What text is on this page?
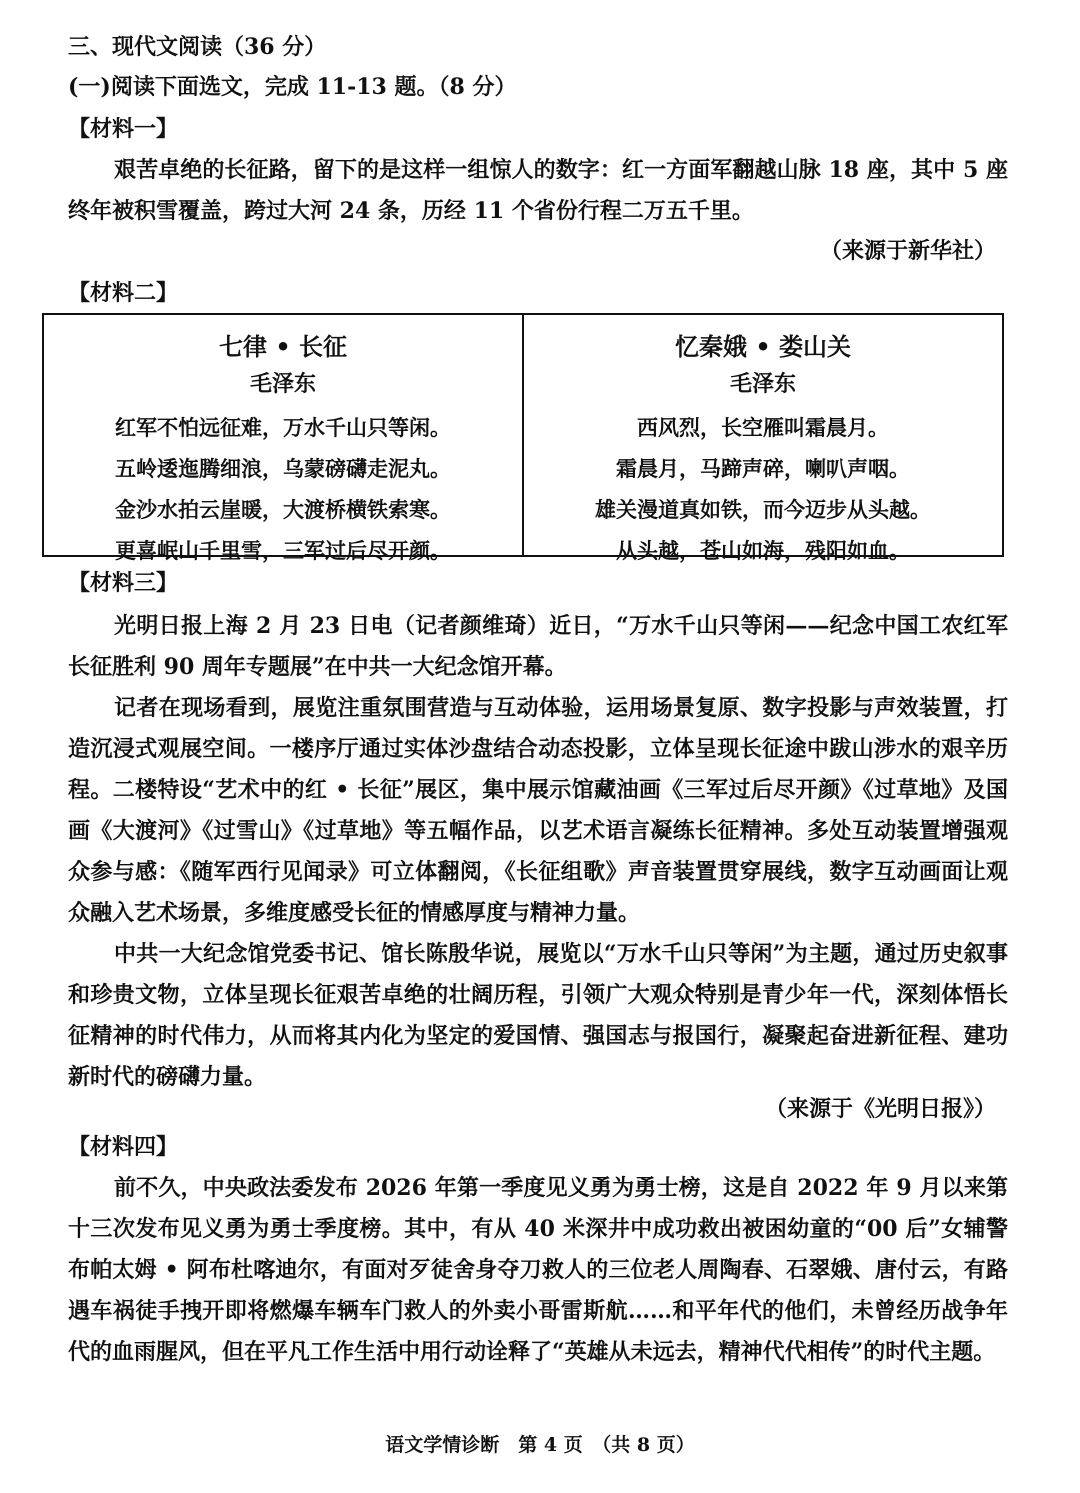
三、现代文阅读（36 分）
(一)阅读下面选文，完成 11-13 题。（8 分）
【材料一】
艰苦卓绝的长征路，留下的是这样一组惊人的数字：红一方面军翻越山脉 18 座，其中 5 座终年被积雪覆盖，跨过大河 24 条，历经 11 个省份行程二万五千里。
（来源于新华社）
【材料二】
七律 • 长征
毛泽东
红军不怕远征难，万水千山只等闲。
五岭逶迤腾细浪，乌蒙磅礴走泥丸。
金沙水拍云崖暖，大渡桥横铁索寒。
更喜岷山千里雪，三军过后尽开颜。
忆秦娥 • 娄山关
毛泽东
西风烈，长空雁叫霜晨月。
霜晨月，马蹄声碎，喇叭声咽。
雄关漫道真如铁，而今迈步从头越。
从头越，苍山如海，残阳如血。
【材料三】
光明日报上海 2 月 23 日电（记者颜维琦）近日，“万水千山只等闲——纪念中国工农红军长征胜利 90 周年专题展”在中共一大纪念馆开幕。
记者在现场看到，展览注重氛围营造与互动体验，运用场景复原、数字投影与声效装置，打造沉浸式观展空间。一楼序厅通过实体沙盘结合动态投影，立体呈现长征途中跋山涉水的艰辛历程。二楼特设“艺术中的红 • 长征”展区，集中展示馆藏油画《三军过后尽开颜》《过草地》及国画《大渡河》《过雪山》《过草地》等五幅作品，以艺术语言凝练长征精神。多处互动装置增强观众参与感：《随军西行见闻录》可立体翻阅，《长征组歌》声音装置贯穿展线，数字互动画面让观众融入艺术场景，多维度感受长征的情感厚度与精神力量。
中共一大纪念馆党委书记、馆长陈殷华说，展览以“万水千山只等闲”为主题，通过历史叙事和珍贵文物，立体呈现长征艰苦卓绝的壮阔历程，引领广大观众特别是青少年一代，深刻体悟长征精神的时代伟力，从而将其内化为坚定的爱国情、强国志与报国行，凝聚起奋进新征程、建功新时代的磅礴力量。
（来源于《光明日报》）
【材料四】
前不久，中央政法委发布 2026 年第一季度见义勇为勇士榜，这是自 2022 年 9 月以来第十三次发布见义勇为勇士季度榜。其中，有从 40 米深井中成功救出被困幼童的“00 后”女辅警布帕太姆 • 阿布杜喀迪尔，有面对歹徒舍身夺刀救人的三位老人周陶春、石翠娥、唐付云，有路遇车祸徒手拽开即将燃爆车辆车门救人的外卖小哥雷斯航……和平年代的他们，未曾经历战争年代的血雨腥风，但在平凡工作生活中用行动诠释了“英雄从未远去，精神代代相传”的时代主题。
语文学情诊断　第 4 页　（共 8 页）
